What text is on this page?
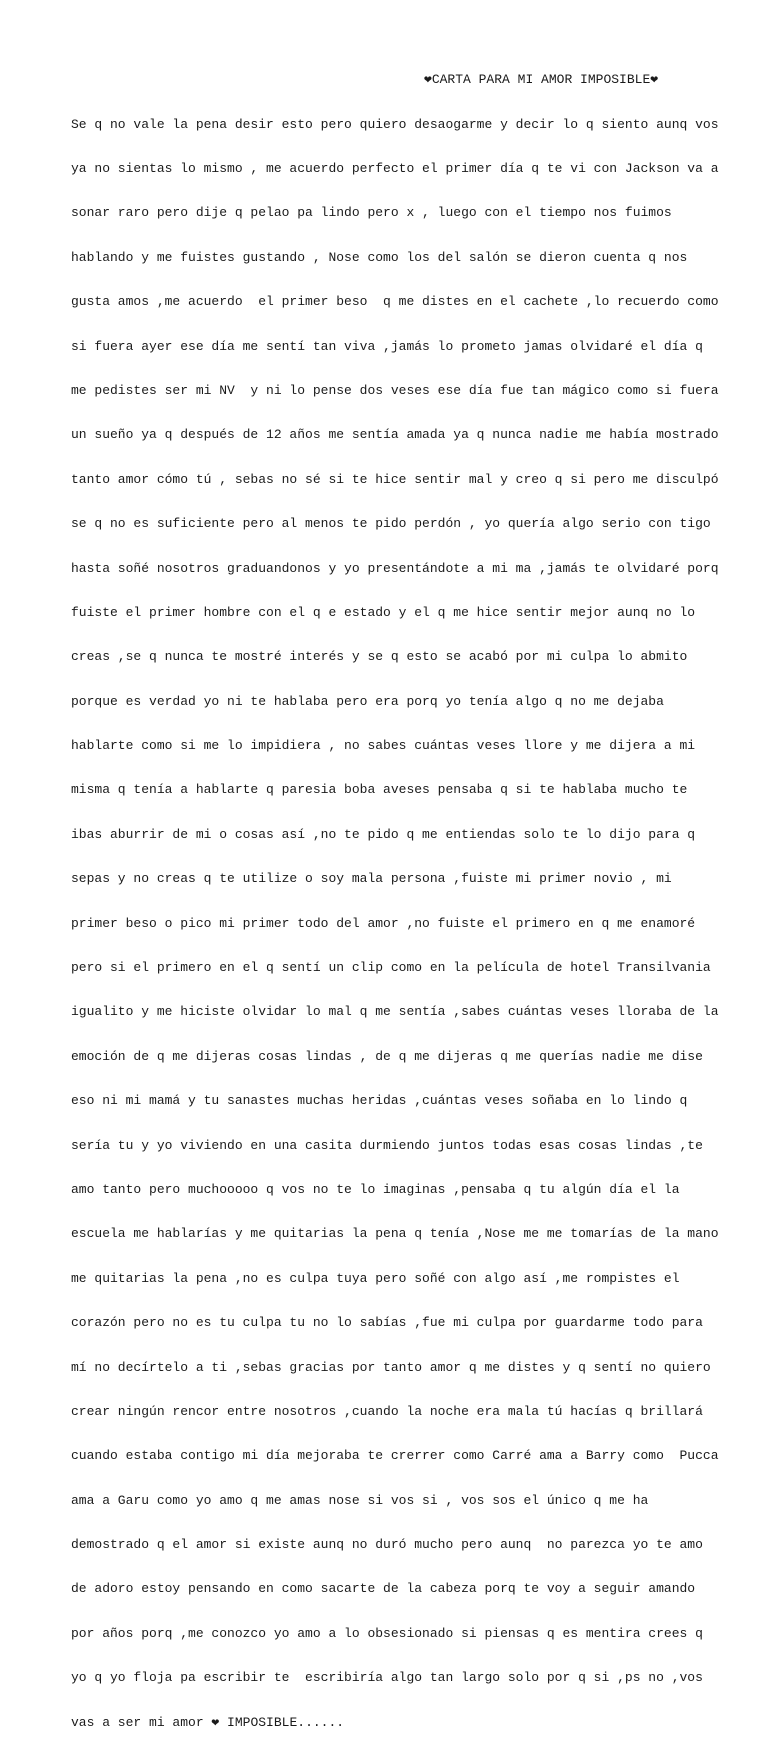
❤CARTA PARA MI AMOR IMPOSIBLE❤

Se q no vale la pena desir esto pero quiero desaogarme y decir lo q siento aunq vos

ya no sientas lo mismo , me acuerdo perfecto el primer día q te vi con Jackson va a

sonar raro pero dije q pelao pa lindo pero x , luego con el tiempo nos fuimos

hablando y me fuistes gustando , Nose como los del salón se dieron cuenta q nos

gusta amos ,me acuerdo  el primer beso  q me distes en el cachete ,lo recuerdo como

si fuera ayer ese día me sentí tan viva ,jamás lo prometo jamas olvidaré el día q

me pedistes ser mi NV  y ni lo pense dos veses ese día fue tan mágico como si fuera

un sueño ya q después de 12 años me sentía amada ya q nunca nadie me había mostrado

tanto amor cómo tú , sebas no sé si te hice sentir mal y creo q si pero me disculpó

se q no es suficiente pero al menos te pido perdón , yo quería algo serio con tigo

hasta soñé nosotros graduandonos y yo presentándote a mi ma ,jamás te olvidaré porq

fuiste el primer hombre con el q e estado y el q me hice sentir mejor aunq no lo

creas ,se q nunca te mostré interés y se q esto se acabó por mi culpa lo abmito

porque es verdad yo ni te hablaba pero era porq yo tenía algo q no me dejaba

hablarte como si me lo impidiera , no sabes cuántas veses llore y me dijera a mi

misma q tenía a hablarte q paresia boba aveses pensaba q si te hablaba mucho te

ibas aburrir de mi o cosas así ,no te pido q me entiendas solo te lo dijo para q

sepas y no creas q te utilize o soy mala persona ,fuiste mi primer novio , mi

primer beso o pico mi primer todo del amor ,no fuiste el primero en q me enamoré

pero si el primero en el q sentí un clip como en la película de hotel Transilvania

igualito y me hiciste olvidar lo mal q me sentía ,sabes cuántas veses lloraba de la

emoción de q me dijeras cosas lindas , de q me dijeras q me querías nadie me dise

eso ni mi mamá y tu sanastes muchas heridas ,cuántas veses soñaba en lo lindo q

sería tu y yo viviendo en una casita durmiendo juntos todas esas cosas lindas ,te

amo tanto pero muchooooo q vos no te lo imaginas ,pensaba q tu algún día el la

escuela me hablarías y me quitarias la pena q tenía ,Nose me me tomarías de la mano

me quitarias la pena ,no es culpa tuya pero soñé con algo así ,me rompistes el

corazón pero no es tu culpa tu no lo sabías ,fue mi culpa por guardarme todo para

mí no decírtelo a ti ,sebas gracias por tanto amor q me distes y q sentí no quiero

crear ningún rencor entre nosotros ,cuando la noche era mala tú hacías q brillará

cuando estaba contigo mi día mejoraba te crerrer como Carré ama a Barry como  Pucca

ama a Garu como yo amo q me amas nose si vos si , vos sos el único q me ha

demostrado q el amor si existe aunq no duró mucho pero aunq  no parezca yo te amo

de adoro estoy pensando en como sacarte de la cabeza porq te voy a seguir amando

por años porq ,me conozco yo amo a lo obsesionado si piensas q es mentira crees q

yo q yo floja pa escribir te  escribiría algo tan largo solo por q si ,ps no ,vos

vas a ser mi amor ❤ IMPOSIBLE......
